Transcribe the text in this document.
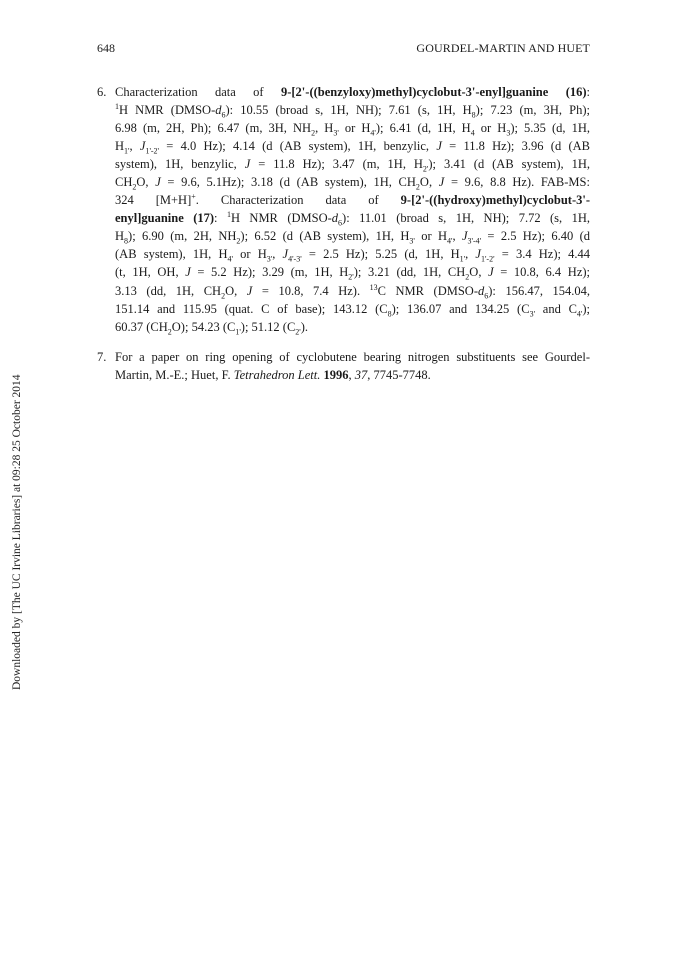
648	GOURDEL-MARTIN AND HUET
Downloaded by [The UC Irvine Libraries] at 09:28 25 October 2014
6. Characterization data of 9-[2'-((benzyloxy)methyl)cyclobut-3'-enyl]guanine (16):
$^1$H NMR $(DMSO-d_6)$: 10.55 (broad s, 1H, NH); 7.61 (s, 1H, $H_8$); 7.23 (m, 3H, Ph);
6.98 (m, 2H, Ph); 6.47 (m, 3H, $NH_2$, $H_{3'}$ or $H_{4'}$); 6.41 (d, 1H, $H_4$ or $H_3$); 5.35 (d, 1H,
$H_{1'}$, $J_{1'-2'} = 4.0$ Hz); 4.14 (d (AB system), 1H, benzylic, J = 11.8 Hz); 3.96 (d (AB
system), 1H, benzylic, J = 11.8 Hz); 3.47 (m, 1H, $H_{2'}$); 3.41 (d (AB system), 1H,
$CH_2O$, J = 9.6, 5.1Hz); 3.18 (d (AB system), 1H, $CH_2O$, J = 9.6, 8.8 Hz). FAB-MS:
324 [M+H]+. Characterization data of 9-[2'-((hydroxy)methyl)cyclobut-3'-
enyl]guanine (17): $^1$H NMR $(DMSO-d_6)$: 11.01 (broad s, 1H, NH); 7.72 (s, 1H,
$H_8$); 6.90 (m, 2H, $NH_2$); 6.52 (d (AB system), 1H, $H_{3'}$ or $H_{4'}$, $J_{3'-4'} = 2.5$ Hz); 6.40 (d
(AB system), 1H, $H_{4'}$ or $H_{3'}$, $J_{4'-3'} = 2.5$ Hz); 5.25 (d, 1H, $H_{1'}$, $J_{1'-2'} = 3.4$ Hz); 4.44
(t, 1H, OH, J = 5.2 Hz); 3.29 (m, 1H, $H_{2'}$); 3.21 (dd, 1H, $CH_2O$, J = 10.8, 6.4 Hz);
3.13 (dd, 1H, $CH_2O$, J = 10.8, 7.4 Hz). $^{13}$C NMR $(DMSO-d_6)$: 156.47, 154.04,
151.14 and 115.95 (quat. C of base); 143.12 $(C_8)$; 136.07 and 134.25 ($C_{3'}$ and $C_{4'}$);
60.37 $(CH_2O)$; 54.23 $(C_{1'})$; 51.12 $(C_{2'})$.
7. For a paper on ring opening of cyclobutene bearing nitrogen substituents see Gourdel-
Martin, M.-E.; Huet, F. Tetrahedron Lett. 1996, 37, 7745-7748.
